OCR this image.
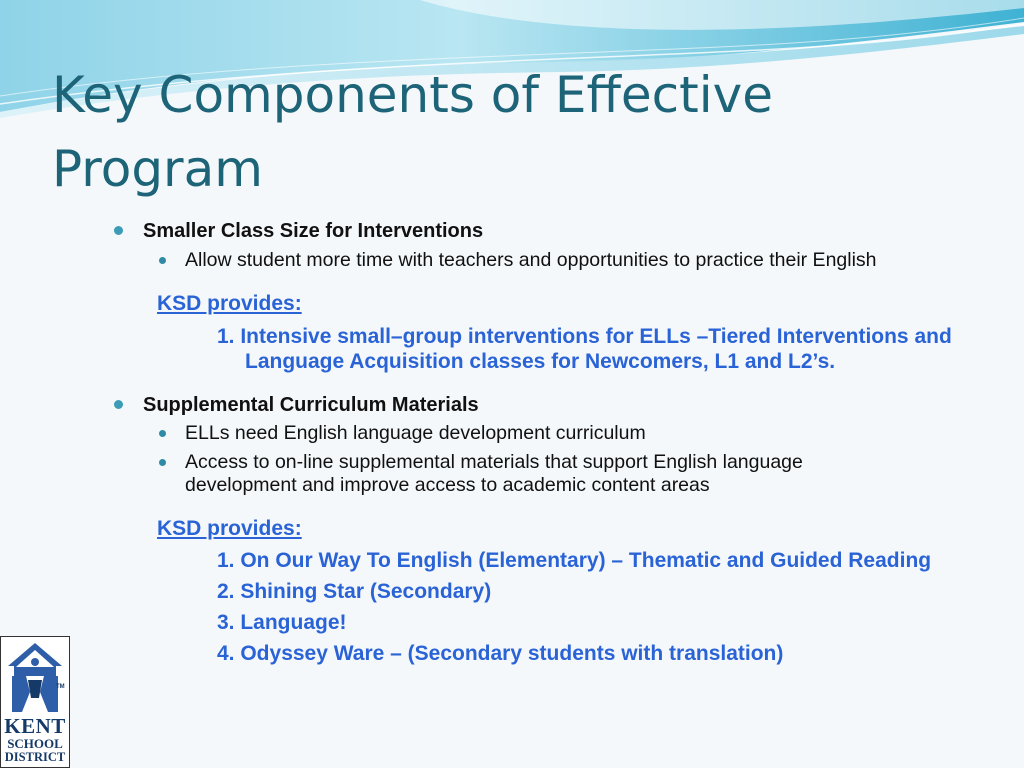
Key Components of Effective Program
Smaller Class Size for Interventions
Allow student more time with teachers and opportunities to practice their English
KSD provides:
1. Intensive small–group interventions for ELLs –Tiered Interventions and Language Acquisition classes for Newcomers, L1 and L2’s.
Supplemental Curriculum Materials
ELLs need English language development curriculum
Access to on-line supplemental materials that support English language development and improve access to academic content areas
KSD provides:
1. On Our Way To English (Elementary) – Thematic and Guided Reading
2. Shining Star (Secondary)
3. Language!
4. Odyssey Ware – (Secondary students with translation)
TM
KENT
SCHOOL
DISTRICT
